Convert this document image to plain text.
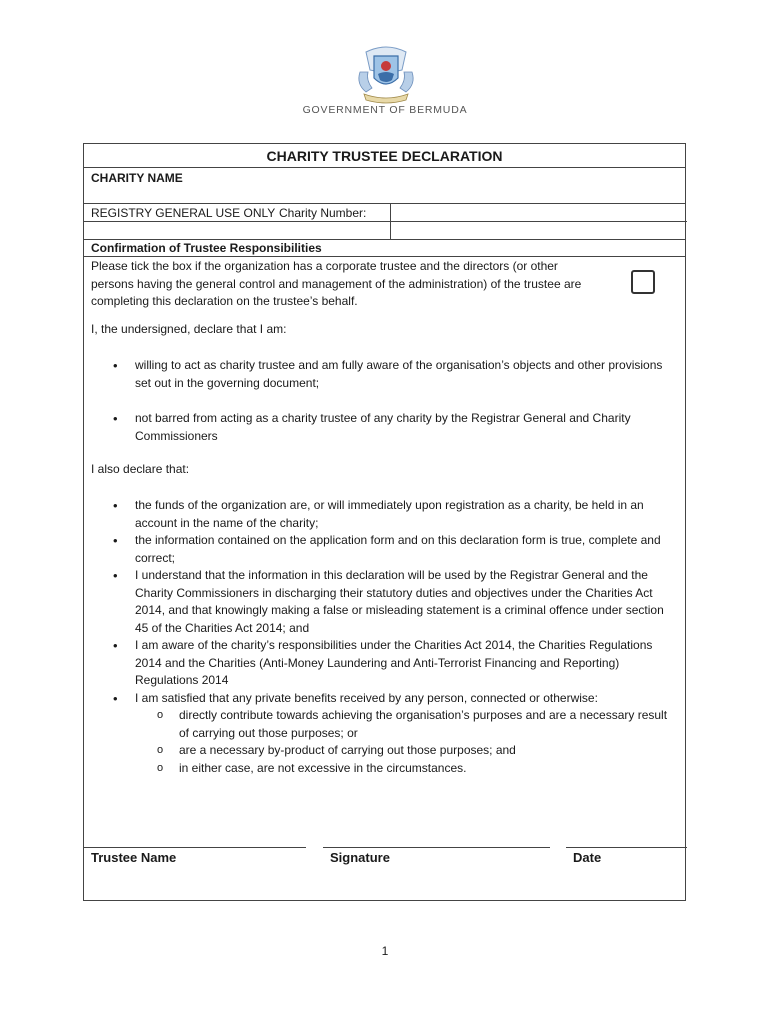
GOVERNMENT OF BERMUDA
CHARITY TRUSTEE DECLARATION
CHARITY NAME
REGISTRY GENERAL USE ONLY Charity Number:
Confirmation of Trustee Responsibilities
Please tick the box if the organization has a corporate trustee and the directors (or other persons having the general control and management of the administration) of the trustee are completing this declaration on the trustee’s behalf.
I, the undersigned, declare that I am:
• willing to act as charity trustee and am fully aware of the organisation’s objects and other provisions set out in the governing document;
• not barred from acting as a charity trustee of any charity by the Registrar General and Charity Commissioners
I also declare that:
• the funds of the organization are, or will immediately upon registration as a charity, be held in an account in the name of the charity;
• the information contained on the application form and on this declaration form is true, complete and correct;
• I understand that the information in this declaration will be used by the Registrar General and the Charity Commissioners in discharging their statutory duties and objectives under the Charities Act 2014, and that knowingly making a false or misleading statement is a criminal offence under section 45 of the Charities Act 2014; and
• I am aware of the charity’s responsibilities under the Charities Act 2014, the Charities Regulations 2014 and the Charities (Anti-Money Laundering and Anti-Terrorist Financing and Reporting) Regulations 2014
• I am satisfied that any private benefits received by any person, connected or otherwise:
o directly contribute towards achieving the organisation’s purposes and are a necessary result of carrying out those purposes; or
o are a necessary by-product of carrying out those purposes; and
o in either case, are not excessive in the circumstances.
Trustee Name	Signature	Date
1
